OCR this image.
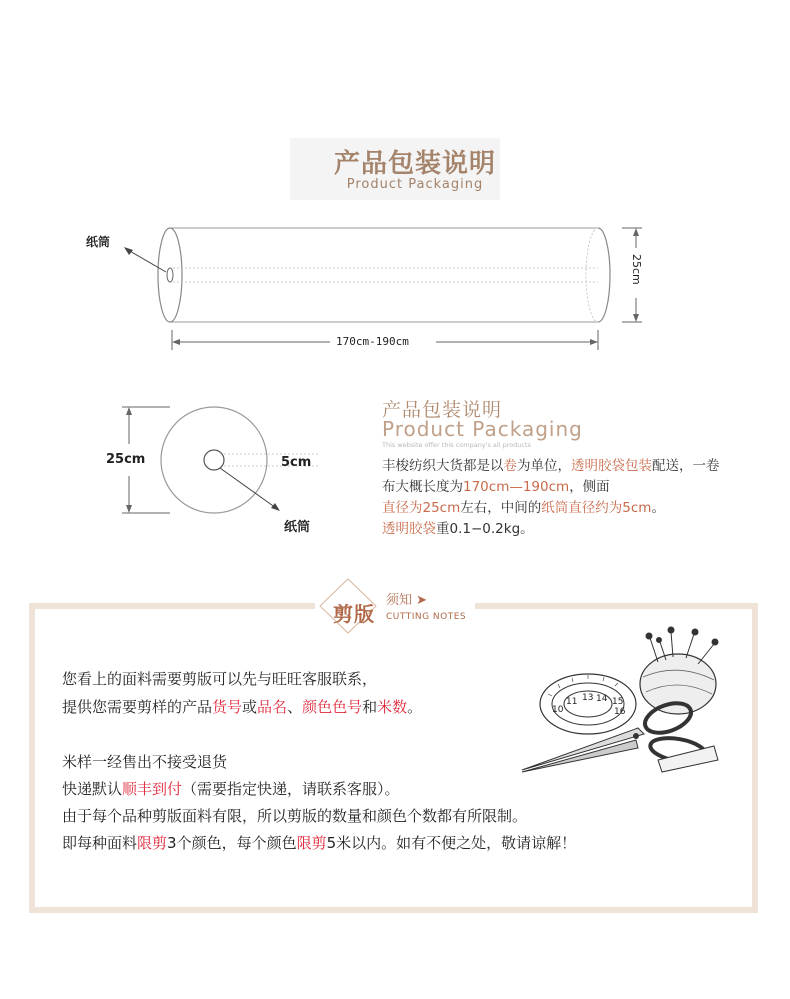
产品包装说明
Product Packaging
纸筒
170cm-190cm
25cm
25cm	5cm
纸筒
产品包装说明
Product Packaging
This website offer this company's all products
丰梭纺织大货都是以卷为单位，透明胶袋包装配送，一卷布大概长度为170cm—190cm，侧面
直径为25cm左右，中间的纸筒直径约为5cm。
透明胶袋重0.1−0.2kg。
剪版
须知 ➤
CUTTING NOTES
您看上的面料需要剪版可以先与旺旺客服联系，
提供您需要剪样的产品货号或品名、颜色色号和米数。
米样一经售出不接受退货
快递默认顺丰到付（需要指定快递，请联系客服）。
由于每个品种剪版面料有限，所以剪版的数量和颜色个数都有所限制。
即每种面料限剪3个颜色，每个颜色限剪5米以内。如有不便之处，敬请谅解！
10
11 13 14 15
16
